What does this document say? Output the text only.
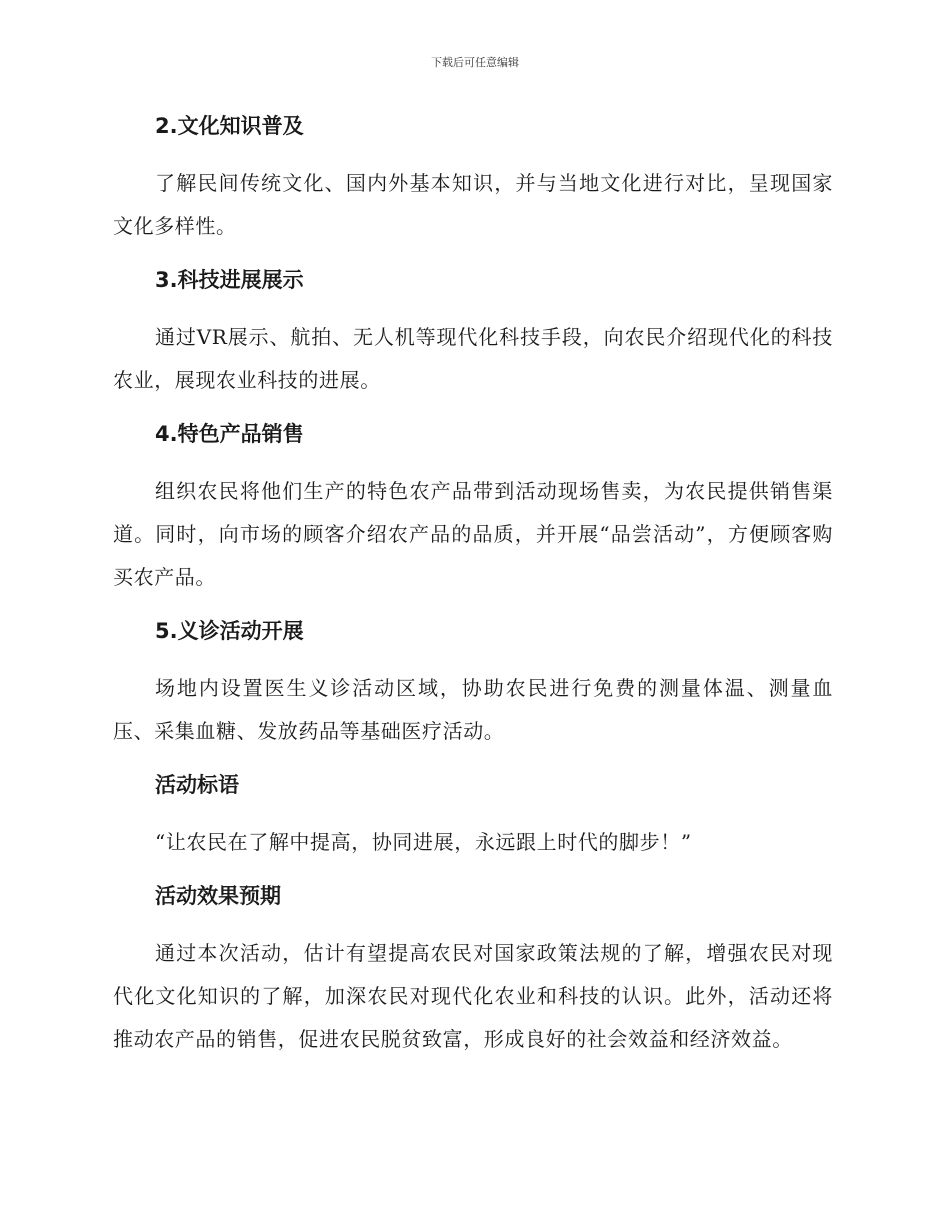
下载后可任意编辑
2.文化知识普及

了解民间传统文化、国内外基本知识，并与当地文化进行对比，呈现国家文化多样性。

3.科技进展展示

通过VR展示、航拍、无人机等现代化科技手段，向农民介绍现代化的科技农业，展现农业科技的进展。

4.特色产品销售

组织农民将他们生产的特色农产品带到活动现场售卖，为农民提供销售渠道。同时，向市场的顾客介绍农产品的品质，并开展“品尝活动”，方便顾客购买农产品。

5.义诊活动开展

场地内设置医生义诊活动区域，协助农民进行免费的测量体温、测量血压、采集血糖、发放药品等基础医疗活动。

活动标语

“让农民在了解中提高，协同进展，永远跟上时代的脚步！”

活动效果预期

通过本次活动，估计有望提高农民对国家政策法规的了解，增强农民对现代化文化知识的了解，加深农民对现代化农业和科技的认识。此外，活动还将推动农产品的销售，促进农民脱贫致富，形成良好的社会效益和经济效益。
